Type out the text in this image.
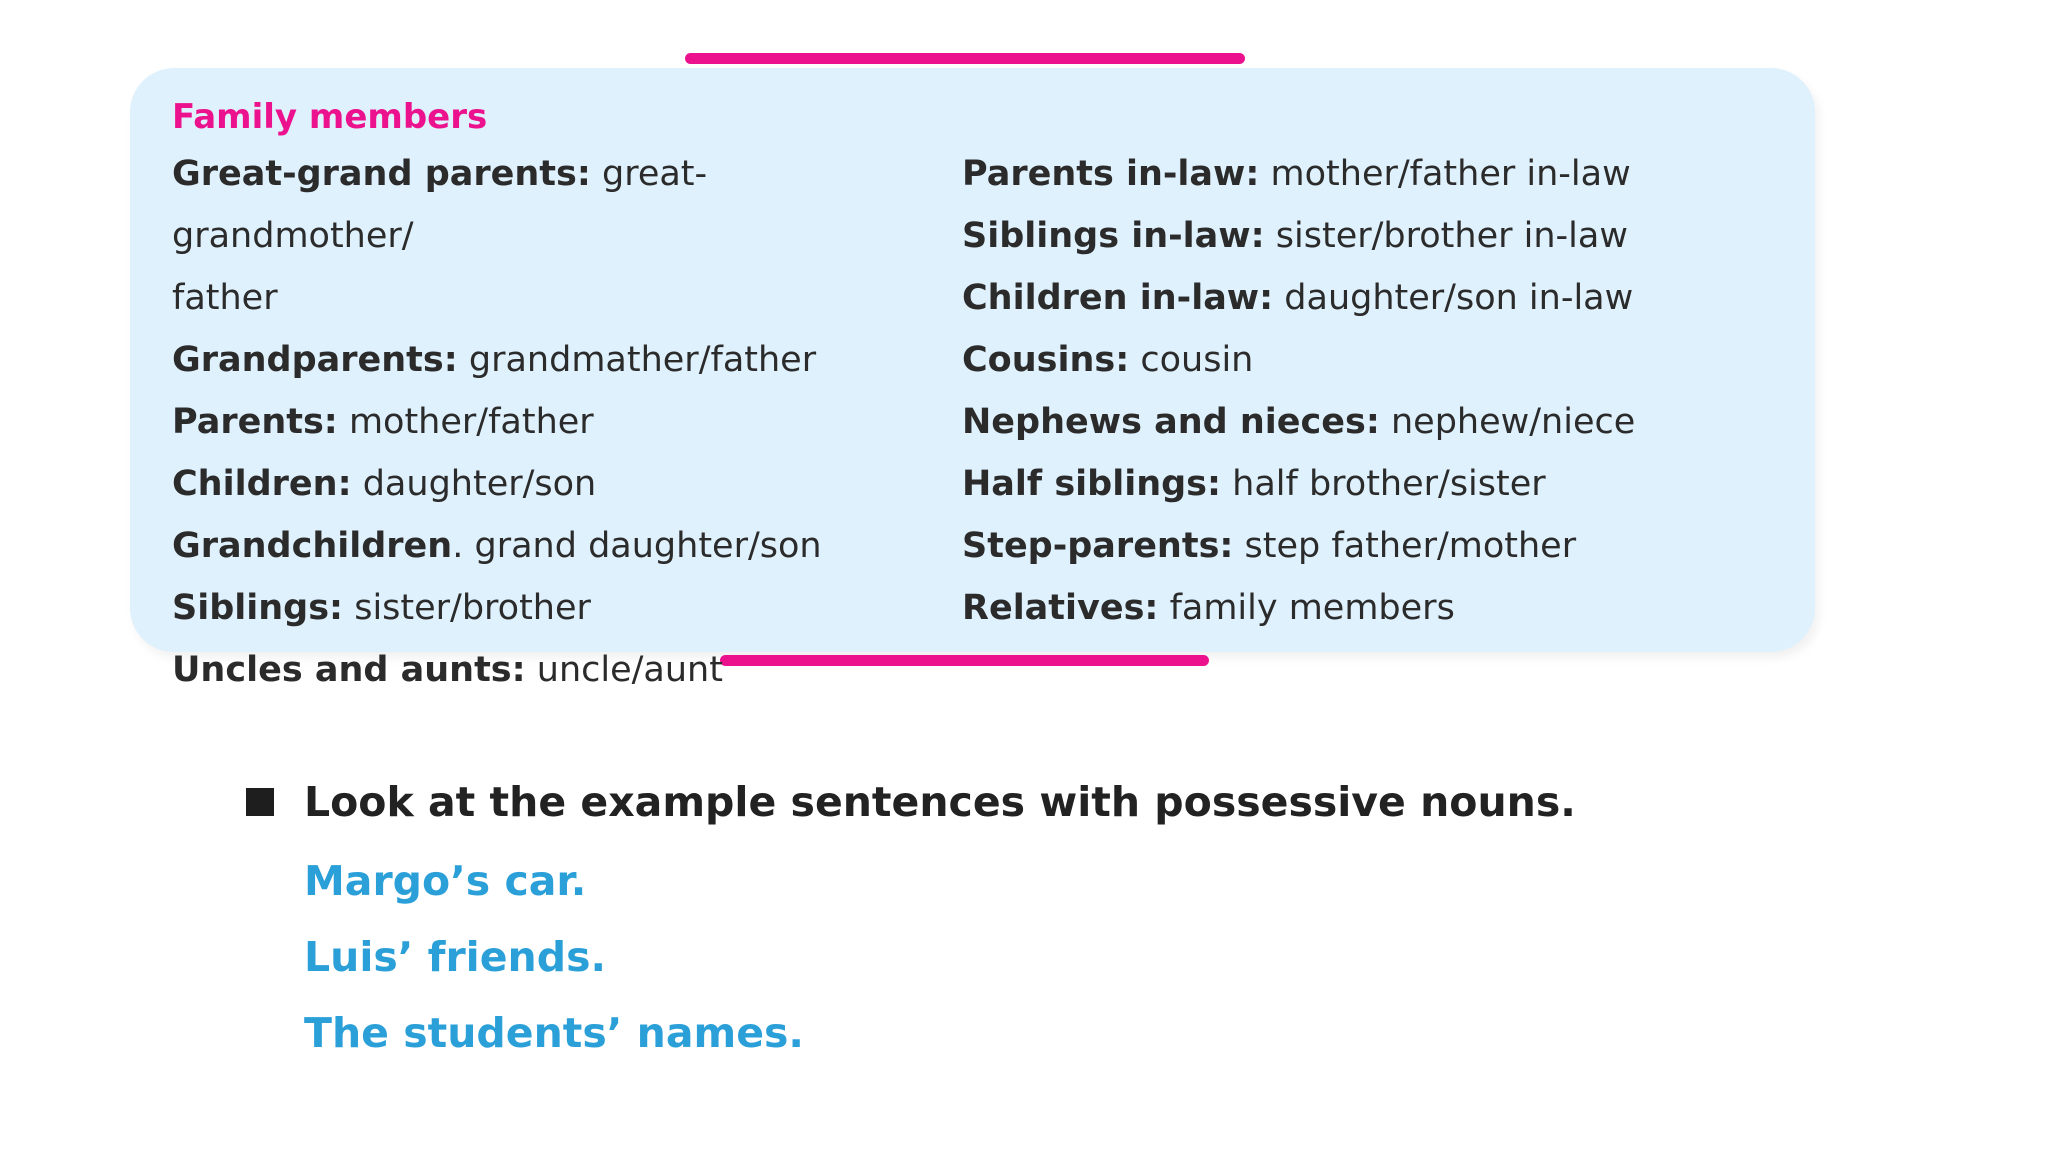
Family members

Great-grand parents: great-grandmother/
father

Grandparents: grandmather/father

Parents: mother/father

Children: daughter/son

Grandchildren. grand daughter/son

Siblings: sister/brother

Uncles and aunts: uncle/aunt

Parents in-law: mother/father in-law

Siblings in-law: sister/brother in-law

Children in-law: daughter/son in-law

Cousins: cousin

Nephews and nieces: nephew/niece

Half siblings: half brother/sister

Step-parents: step father/mother

Relatives: family members

Look at the example sentences with possessive nouns.

Margo’s car.

Luis’ friends.

The students’ names.
